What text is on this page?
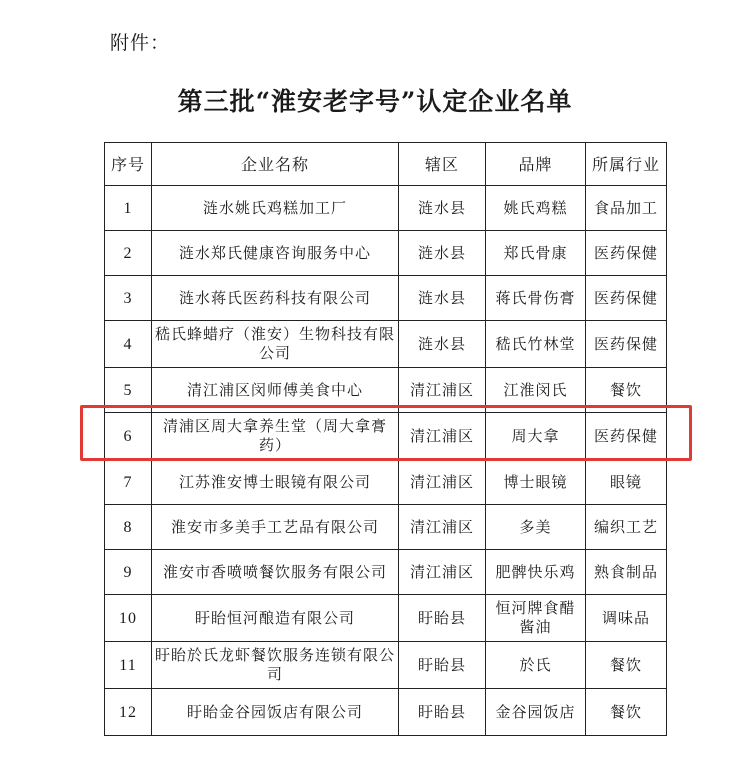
附件：
第三批“淮安老字号”认定企业名单
序号	企业名称	辖区	品牌	所属行业
1	涟水姚氏鸡糕加工厂	涟水县	姚氏鸡糕	食品加工
2	涟水郑氏健康咨询服务中心	涟水县	郑氏骨康	医药保健
3	涟水蒋氏医药科技有限公司	涟水县	蒋氏骨伤膏	医药保健
4	嵇氏蜂蜡疗（淮安）生物科技有限公司	涟水县	嵇氏竹林堂	医药保健
5	清江浦区闵师傅美食中心	清江浦区	江淮闵氏	餐饮
6	清浦区周大拿养生堂（周大拿膏药）	清江浦区	周大拿	医药保健
7	江苏淮安博士眼镜有限公司	清江浦区	博士眼镜	眼镜
8	淮安市多美手工艺品有限公司	清江浦区	多美	编织工艺
9	淮安市香喷喷餐饮服务有限公司	清江浦区	肥髀快乐鸡	熟食制品
10	盱眙恒河酿造有限公司	盱眙县	恒河牌食醋酱油	调味品
11	盱眙於氏龙虾餐饮服务连锁有限公司	盱眙县	於氏	餐饮
12	盱眙金谷园饭店有限公司	盱眙县	金谷园饭店	餐饮
